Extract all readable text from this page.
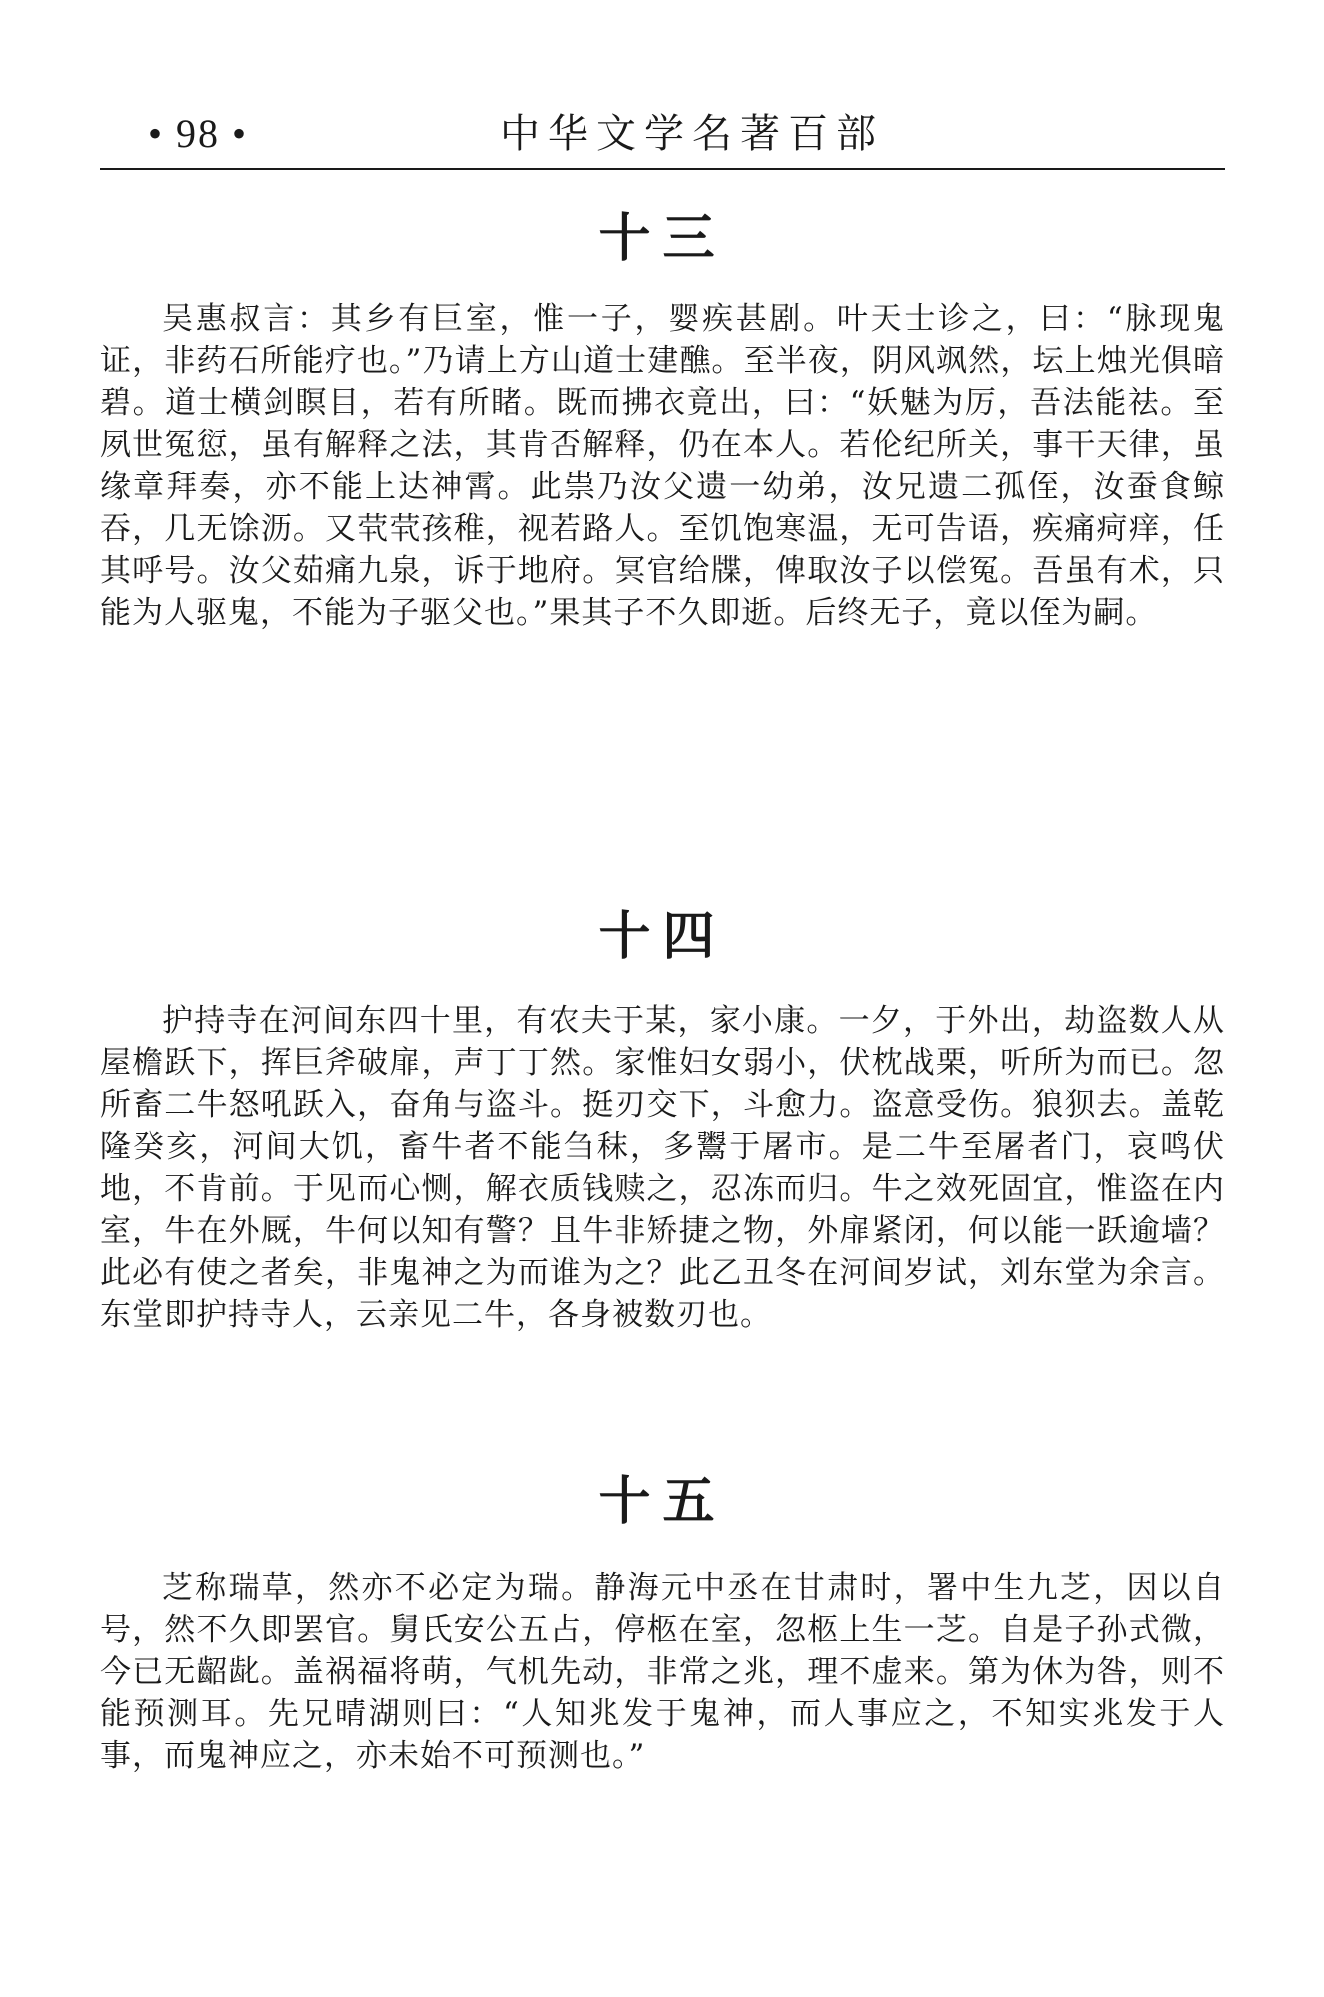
• 98 •	中华文学名著百部
十三

吴惠叔言：其乡有巨室，惟一子，婴疾甚剧。叶天士诊之，曰：“脉现鬼证，非药石所能疗也。”乃请上方山道士建醮。至半夜，阴风飒然，坛上烛光俱暗碧。道士横剑瞑目，若有所睹。既而拂衣竟出，曰：“妖魅为厉，吾法能祛。至夙世冤愆，虽有解释之法，其肯否解释，仍在本人。若伦纪所关，事干天律，虽缘章拜奏，亦不能上达神霄。此祟乃汝父遗一幼弟，汝兄遗二孤侄，汝蚕食鲸吞，几无馀沥。又茕茕孩稚，视若路人。至饥饱寒温，无可告语，疾痛疴痒，任其呼号。汝父茹痛九泉，诉于地府。冥官给牒，俾取汝子以偿冤。吾虽有术，只能为人驱鬼，不能为子驱父也。”果其子不久即逝。后终无子，竟以侄为嗣。

十四

护持寺在河间东四十里，有农夫于某，家小康。一夕，于外出，劫盗数人从屋檐跃下，挥巨斧破扉，声丁丁然。家惟妇女弱小，伏枕战栗，听所为而已。忽所畜二牛怒吼跃入，奋角与盗斗。挺刃交下，斗愈力。盗意受伤。狼狈去。盖乾隆癸亥，河间大饥，畜牛者不能刍秣，多鬻于屠市。是二牛至屠者门，哀鸣伏地，不肯前。于见而心恻，解衣质钱赎之，忍冻而归。牛之效死固宜，惟盗在内室，牛在外厩，牛何以知有警？且牛非矫捷之物，外扉紧闭，何以能一跃逾墙？此必有使之者矣，非鬼神之为而谁为之？此乙丑冬在河间岁试，刘东堂为余言。东堂即护持寺人，云亲见二牛，各身被数刃也。

十五

芝称瑞草，然亦不必定为瑞。静海元中丞在甘肃时，署中生九芝，因以自号，然不久即罢官。舅氏安公五占，停柩在室，忽柩上生一芝。自是子孙式微，今已无齠龀。盖祸福将萌，气机先动，非常之兆，理不虚来。第为休为咎，则不能预测耳。先兄晴湖则曰：“人知兆发于鬼神，而人事应之，不知实兆发于人事，而鬼神应之，亦未始不可预测也。”
